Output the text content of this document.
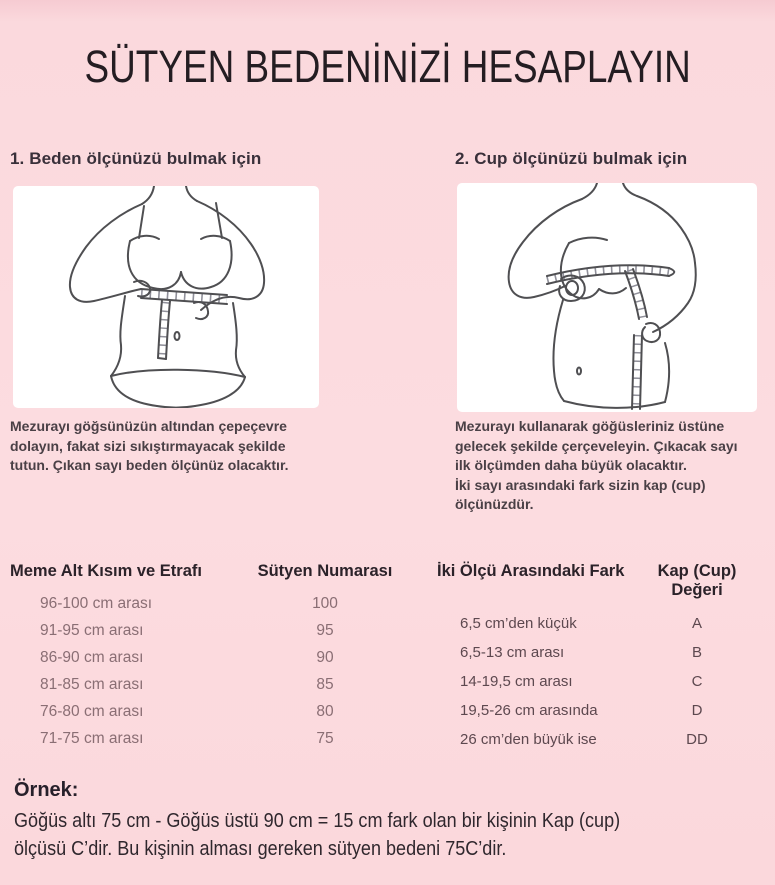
SÜTYEN BEDENİNİZİ HESAPLAYIN
1. Beden ölçünüzü bulmak için	2. Cup ölçünüzü bulmak için
Mezurayı göğsünüzün altından çepeçevre
dolayın, fakat sizi sıkıştırmayacak şekilde
tutun. Çıkan sayı beden ölçünüz olacaktır.
Mezurayı kullanarak göğüsleriniz üstüne
gelecek şekilde çerçeveleyin. Çıkacak sayı
ilk ölçümden daha büyük olacaktır.
İki sayı arasındaki fark sizin kap (cup)
ölçünüzdür.
Meme Alt Kısım ve Etrafı	Sütyen Numarası
96-100 cm arası	100
91-95 cm arası	95
86-90 cm arası	90
81-85 cm arası	85
76-80 cm arası	80
71-75 cm arası	75
İki Ölçü Arasındaki Fark	Kap (Cup) Değeri
6,5 cm’den küçük	A
6,5-13 cm arası	B
14-19,5 cm arası	C
19,5-26 cm arasında	D
26 cm’den büyük ise	DD
Örnek:
Göğüs altı 75 cm - Göğüs üstü 90 cm = 15 cm fark olan bir kişinin Kap (cup)
ölçüsü C’dir. Bu kişinin alması gereken sütyen bedeni 75C’dir.
